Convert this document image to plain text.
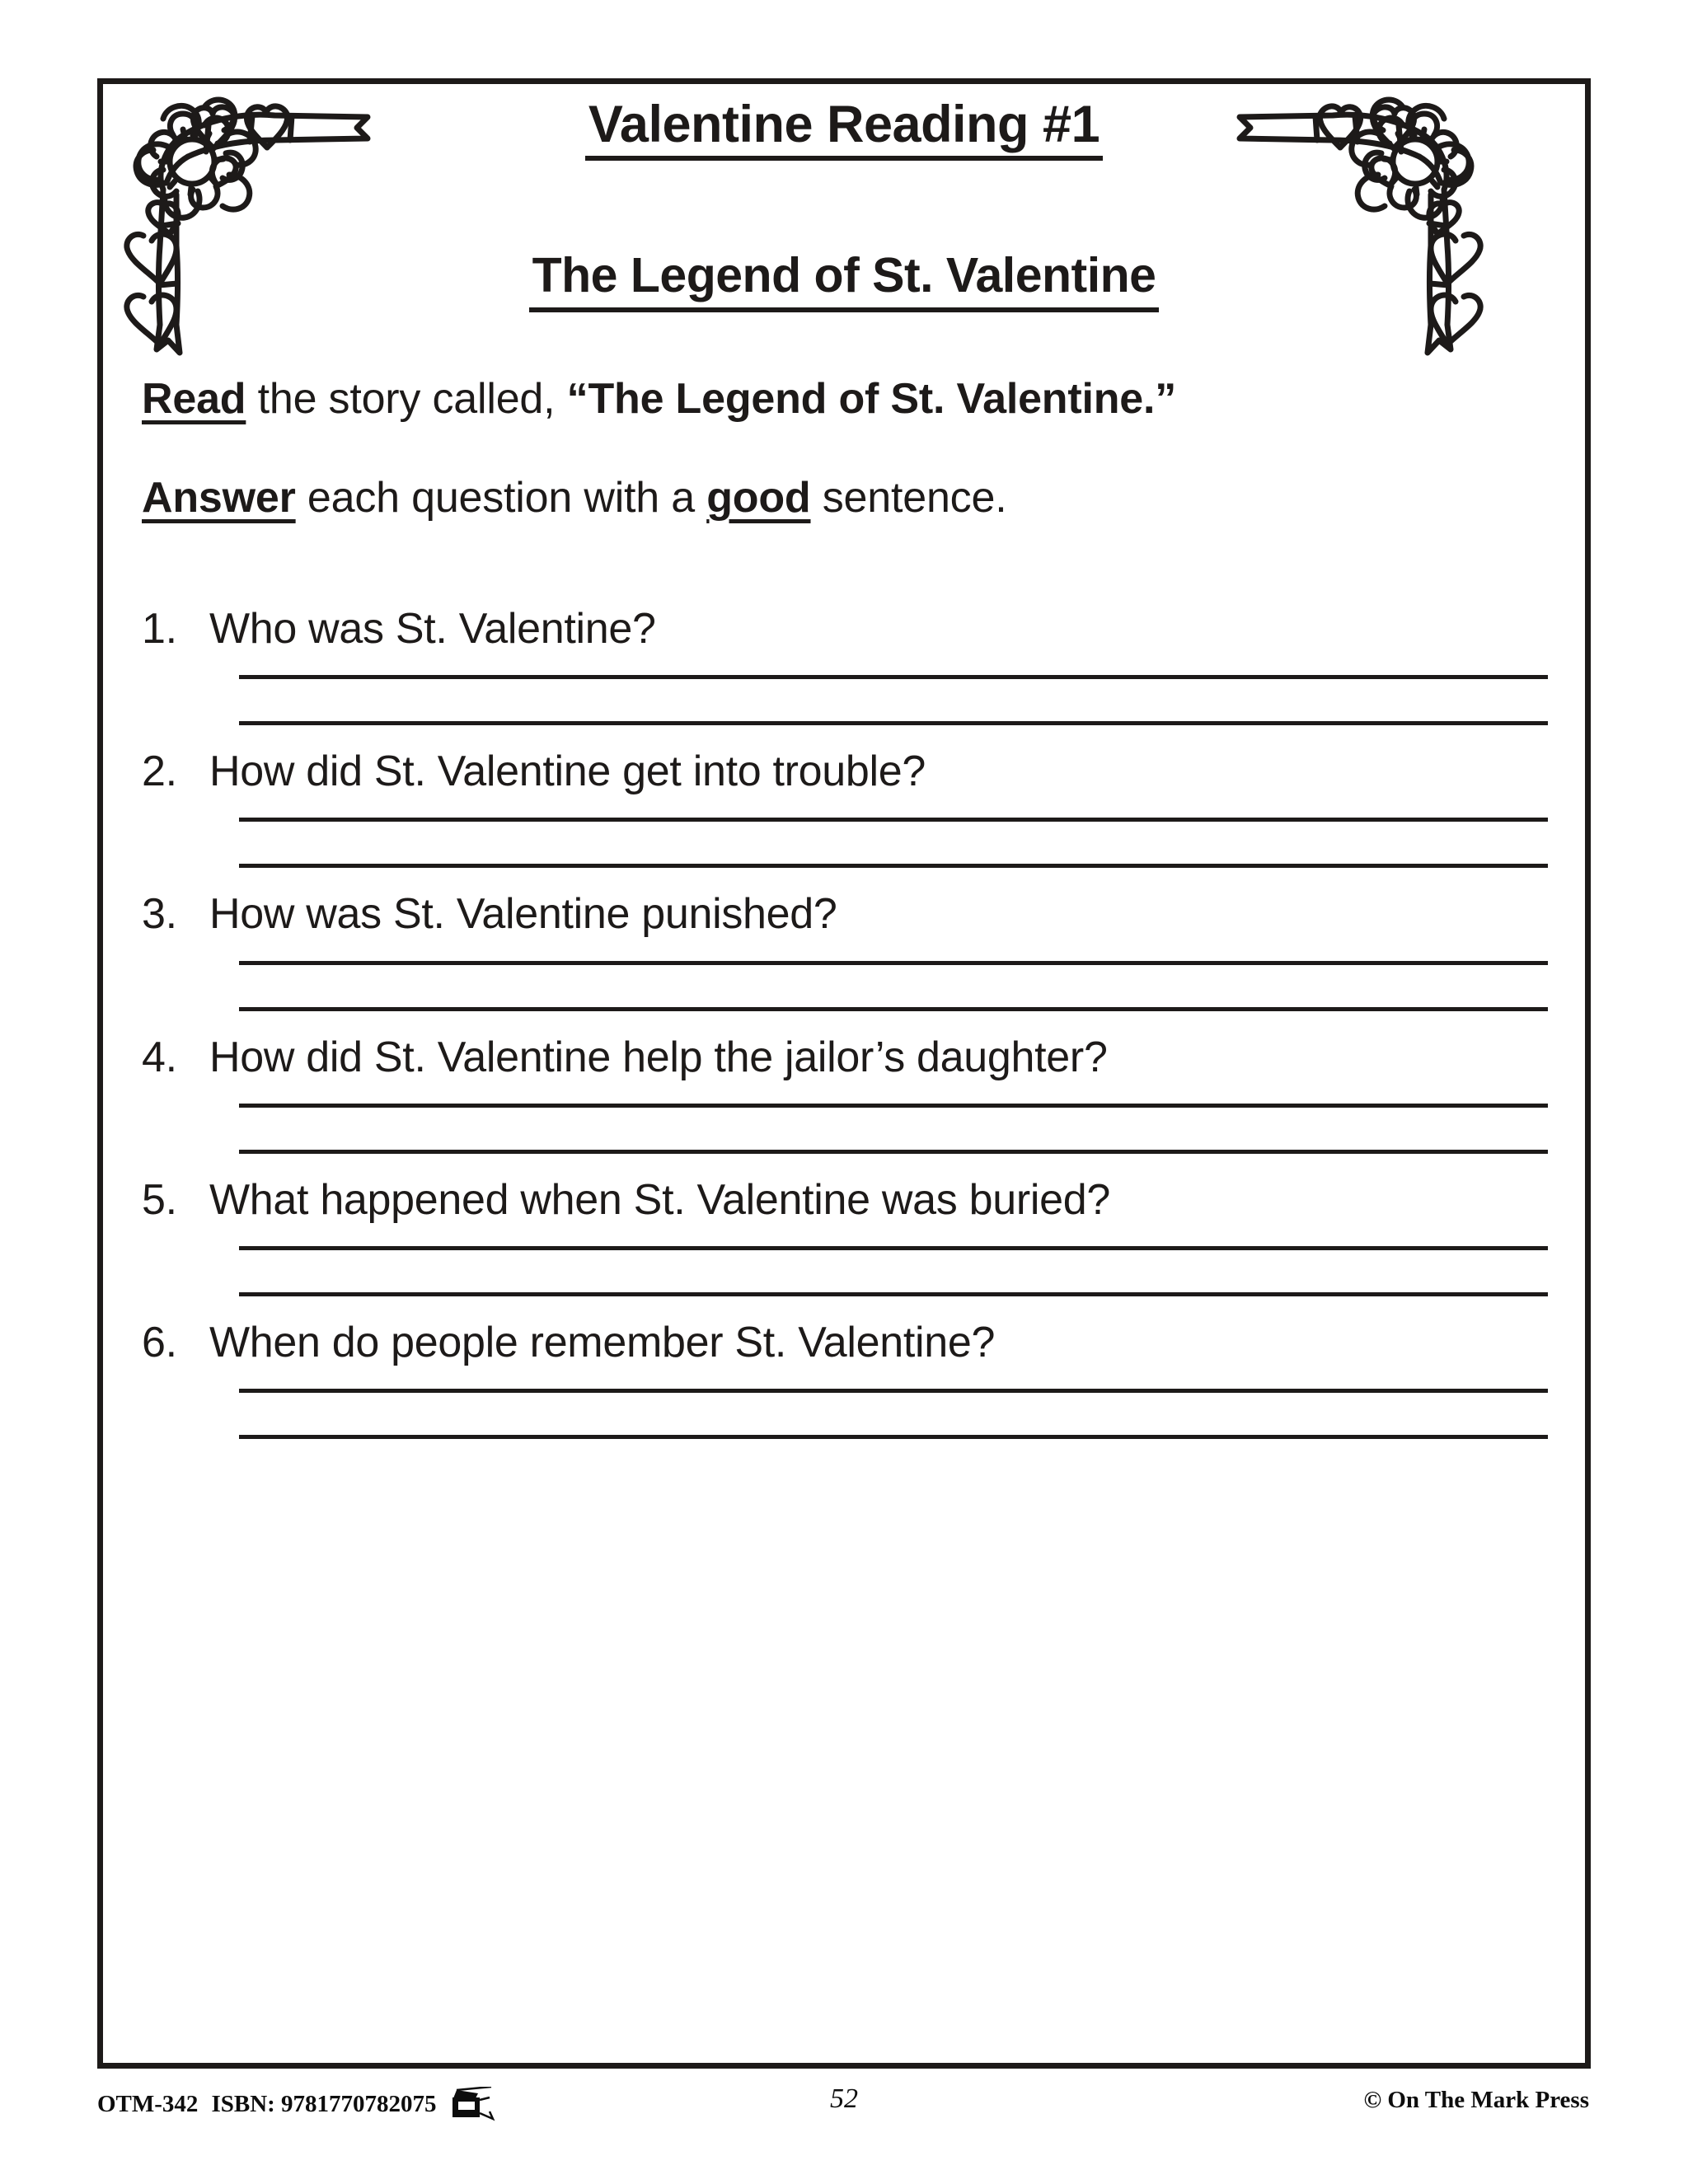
Valentine Reading #1
The Legend of St. Valentine
Read the story called, “The Legend of St. Valentine.”
Answer each question with a good sentence.
1. Who was St. Valentine?
2. How did St. Valentine get into trouble?
3. How was St. Valentine punished?
4. How did St. Valentine help the jailor’s daughter?
5. What happened when St. Valentine was buried?
6. When do people remember St. Valentine?
OTM-342 ISBN: 9781770782075	52	© On The Mark Press
